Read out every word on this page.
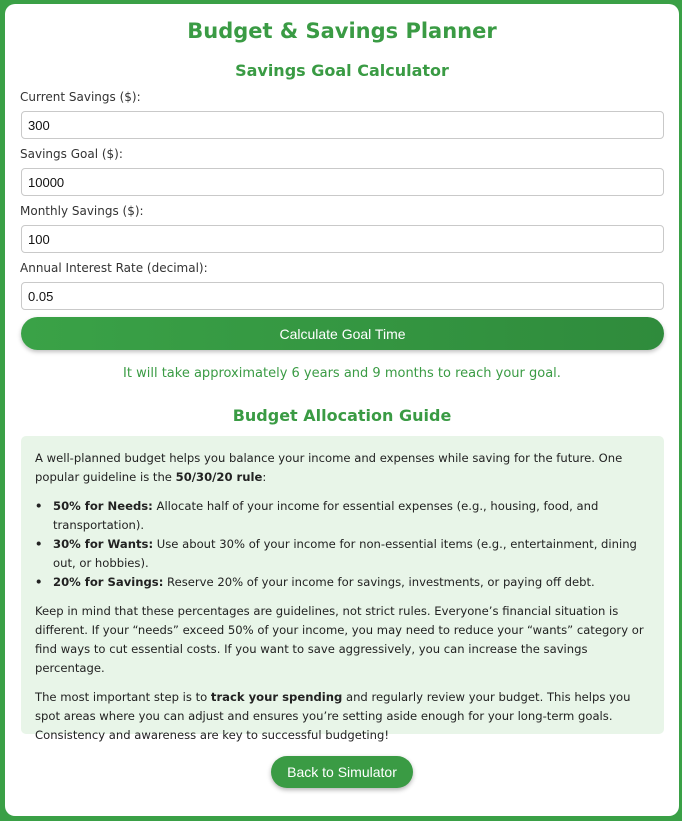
Budget & Savings Planner
Savings Goal Calculator
Current Savings ($):
300
Savings Goal ($):
10000
Monthly Savings ($):
100
Annual Interest Rate (decimal):
0.05
Calculate Goal Time
It will take approximately 6 years and 9 months to reach your goal.
Budget Allocation Guide

A well-planned budget helps you balance your income and expenses while saving for the future. One popular guideline is the 50/30/20 rule:

• 50% for Needs: Allocate half of your income for essential expenses (e.g., housing, food, and transportation).
• 30% for Wants: Use about 30% of your income for non-essential items (e.g., entertainment, dining out, or hobbies).
• 20% for Savings: Reserve 20% of your income for savings, investments, or paying off debt.

Keep in mind that these percentages are guidelines, not strict rules. Everyone’s financial situation is different. If your “needs” exceed 50% of your income, you may need to reduce your “wants” category or find ways to cut essential costs. If you want to save aggressively, you can increase the savings percentage.

The most important step is to track your spending and regularly review your budget. This helps you spot areas where you can adjust and ensures you’re setting aside enough for your long-term goals. Consistency and awareness are key to successful budgeting!

Back to Simulator
